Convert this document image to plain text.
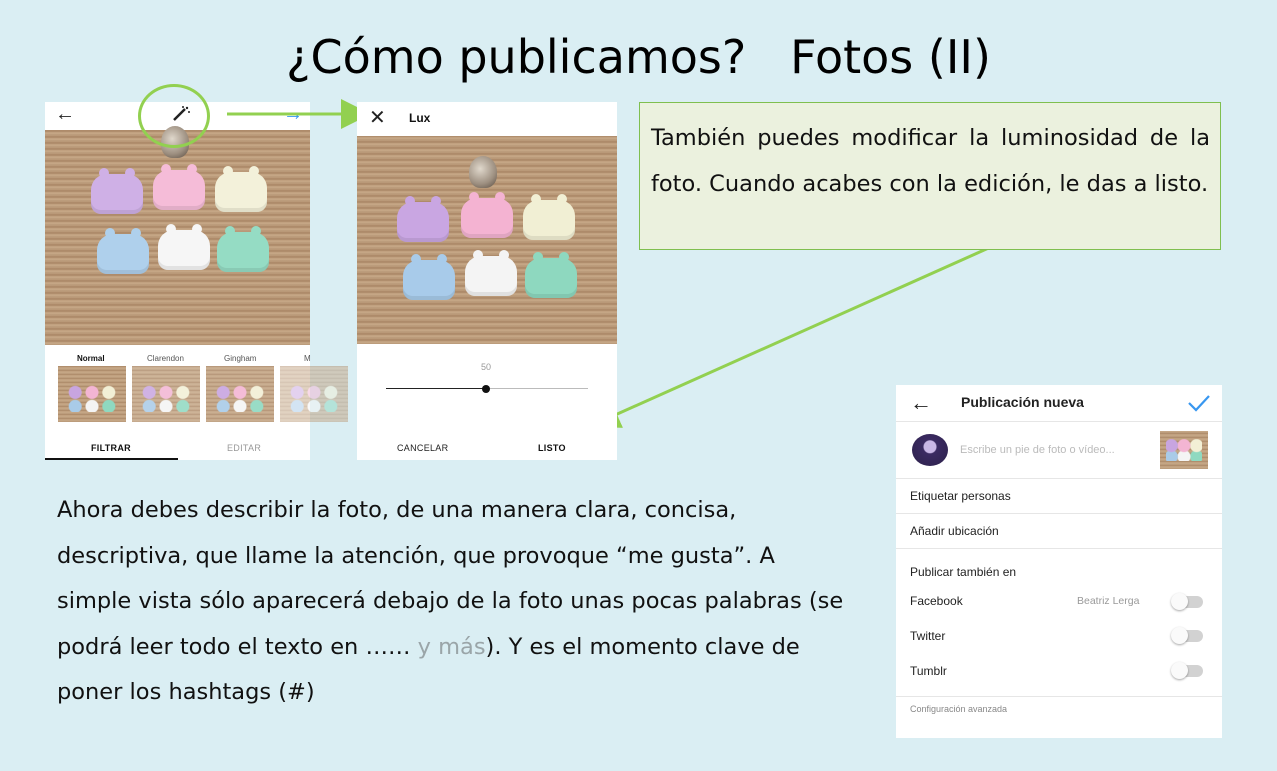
¿Cómo publicamos?   Fotos (II)
←	→
Normal	Clarendon	Gingham	M
FILTRAR	EDITAR
✕ Lux
50
CANCELAR	LISTO
También puedes modificar la luminosidad de la foto. Cuando acabes con la edición, le das a listo.
Ahora debes describir la foto, de una manera clara, concisa, descriptiva, que llame la atención, que provoque “me gusta”. A simple vista sólo aparecerá debajo de la foto unas pocas palabras (se podrá leer todo el texto en …… y más). Y es el momento clave de poner los hashtags (#)
← Publicación nueva
Escribe un pie de foto o vídeo...
Etiquetar personas
Añadir ubicación
Publicar también en
Facebook	Beatriz Lerga
Twitter
Tumblr
Configuración avanzada
